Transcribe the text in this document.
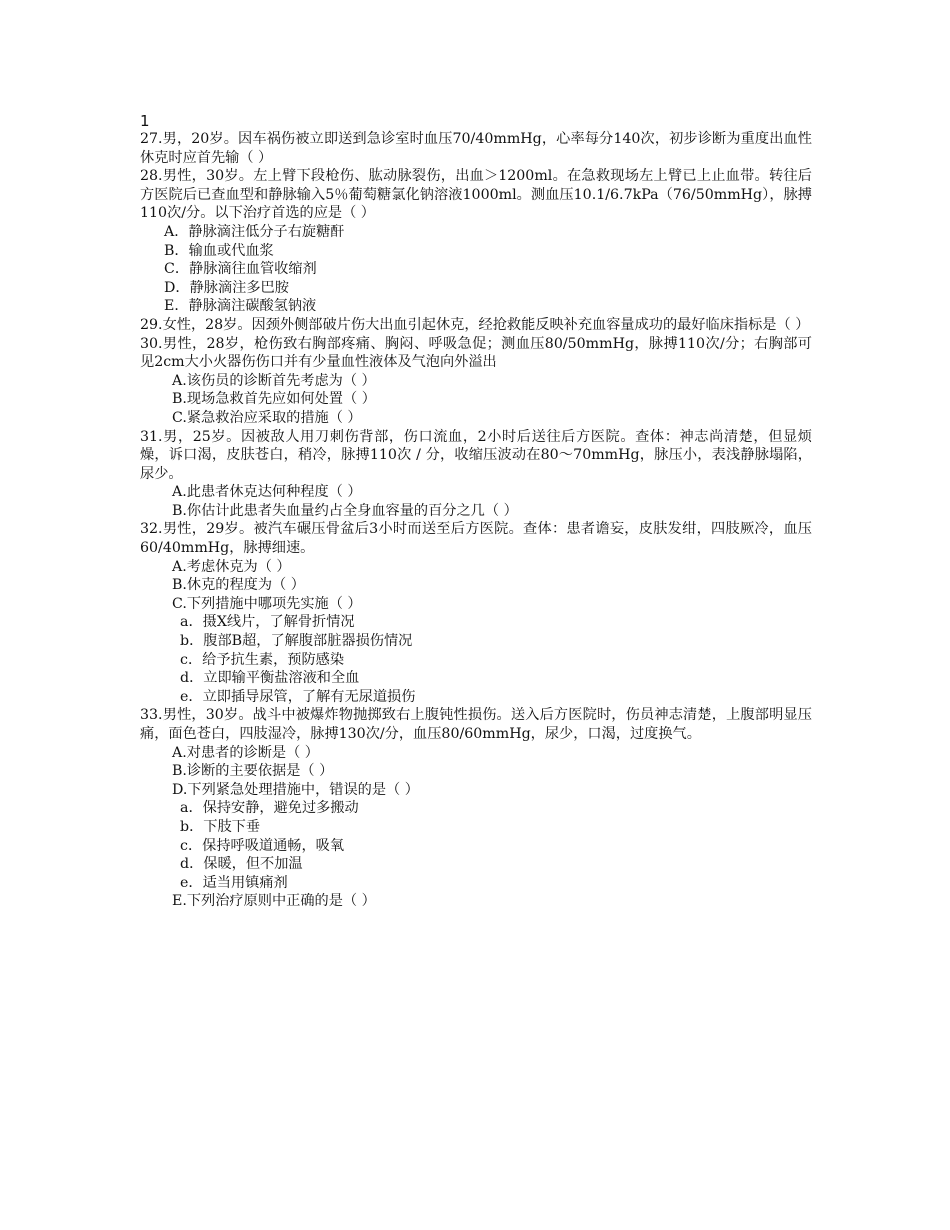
1
27.男，20岁。因车祸伤被立即送到急诊室时血压70/40mmHg，心率每分140次，初步诊断为重度出血性休克时应首先输（ ）
28.男性，30岁。左上臂下段枪伤、肱动脉裂伤，出血＞1200ml。在急救现场左上臂已上止血带。转往后方医院后已查血型和静脉输入5％葡萄糖氯化钠溶液1000ml。测血压10.1/6.7kPa（76/50mmHg），脉搏110次/分。以下治疗首选的应是（ ）
A．静脉滴注低分子右旋糖酐
B．输血或代血浆
C．静脉滴往血管收缩剂
D．静脉滴注多巴胺
E．静脉滴注碳酸氢钠液
29.女性，28岁。因颈外侧部破片伤大出血引起休克，经抢救能反映补充血容量成功的最好临床指标是（ ）
30.男性，28岁，枪伤致右胸部疼痛、胸闷、呼吸急促；测血压80/50mmHg，脉搏110次/分；右胸部可见2cm大小火器伤伤口并有少量血性液体及气泡向外溢出
A.该伤员的诊断首先考虑为（ ）
B.现场急救首先应如何处置（ ）
C.紧急救治应采取的措施（ ）
31.男，25岁。因被敌人用刀刺伤背部，伤口流血，2小时后送往后方医院。查体：神志尚清楚，但显烦燥，诉口渴，皮肤苍白，稍冷，脉搏110次 / 分，收缩压波动在80～70mmHg，脉压小，表浅静脉塌陷，尿少。
A.此患者休克达何种程度（ ）
B.你估计此患者失血量约占全身血容量的百分之几（ ）
32.男性，29岁。被汽车碾压骨盆后3小时而送至后方医院。查体：患者谵妄，皮肤发绀，四肢厥冷，血压60/40mmHg，脉搏细速。
A.考虑休克为（ ）
B.休克的程度为（ ）
C.下列措施中哪项先实施（ ）
a．摄X线片，了解骨折情况
b．腹部B超，了解腹部脏器损伤情况
c．给予抗生素，预防感染
d．立即输平衡盐溶液和全血
e．立即插导尿管，了解有无尿道损伤
33.男性，30岁。战斗中被爆炸物抛掷致右上腹钝性损伤。送入后方医院时，伤员神志清楚，上腹部明显压痛，面色苍白，四肢湿冷，脉搏130次/分，血压80/60mmHg，尿少，口渴，过度换气。
A.对患者的诊断是（ ）
B.诊断的主要依据是（ ）
D.下列紧急处理措施中，错误的是（ ）
a．保持安静，避免过多搬动
b．下肢下垂
c．保持呼吸道通畅，吸氧
d．保暖，但不加温
e．适当用镇痛剂
E.下列治疗原则中正确的是（ ）
